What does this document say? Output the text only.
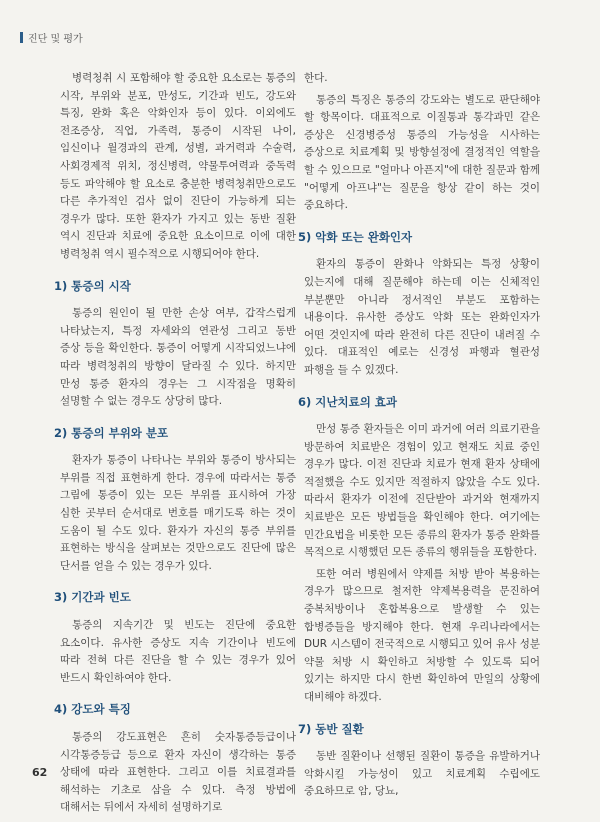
진단 및 평가

병력청취 시 포함해야 할 중요한 요소로는 통증의 시작, 부위와 분포, 만성도, 기간과 빈도, 강도와 특징, 완화 혹은 악화인자 등이 있다. 이외에도 전조증상, 직업, 가족력, 통증이 시작된 나이, 임신이나 월경과의 관계, 성별, 과거력과 수술력, 사회경제적 위치, 정신병력, 약물투여력과 중독력 등도 파악해야 할 요소로 충분한 병력청취만으로도 다른 추가적인 검사 없이 진단이 가능하게 되는 경우가 많다. 또한 환자가 가지고 있는 동반 질환 역시 진단과 치료에 중요한 요소이므로 이에 대한 병력청취 역시 필수적으로 시행되어야 한다.

1) 통증의 시작

통증의 원인이 될 만한 손상 여부, 갑작스럽게 나타났는지, 특정 자세와의 연관성 그리고 동반 증상 등을 확인한다. 통증이 어떻게 시작되었느냐에 따라 병력청취의 방향이 달라질 수 있다. 하지만 만성 통증 환자의 경우는 그 시작점을 명확히 설명할 수 없는 경우도 상당히 많다.

2) 통증의 부위와 분포

환자가 통증이 나타나는 부위와 통증이 방사되는 부위를 직접 표현하게 한다. 경우에 따라서는 통증 그림에 통증이 있는 모든 부위를 표시하여 가장 심한 곳부터 순서대로 번호를 매기도록 하는 것이 도움이 될 수도 있다. 환자가 자신의 통증 부위를 표현하는 방식을 살펴보는 것만으로도 진단에 많은 단서를 얻을 수 있는 경우가 있다.

3) 기간과 빈도

통증의 지속기간 및 빈도는 진단에 중요한 요소이다. 유사한 증상도 지속 기간이나 빈도에 따라 전혀 다른 진단을 할 수 있는 경우가 있어 반드시 확인하여야 한다.

4) 강도와 특징

통증의 강도표현은 흔히 숫자통증등급이나 시각통증등급 등으로 환자 자신이 생각하는 통증 상태에 따라 표현한다. 그리고 이를 치료결과를 해석하는 기초로 삼을 수 있다. 측정 방법에 대해서는 뒤에서 자세히 설명하기로

한다.

통증의 특징은 통증의 강도와는 별도로 판단해야 할 항목이다. 대표적으로 이질통과 통각과민 같은 증상은 신경병증성 통증의 가능성을 시사하는 증상으로 치료계획 및 방향설정에 결정적인 역할을 할 수 있으므로 "얼마나 아픈지"에 대한 질문과 함께 "어떻게 아프냐"는 질문을 항상 같이 하는 것이 중요하다.

5) 악화 또는 완화인자

환자의 통증이 완화나 악화되는 특정 상황이 있는지에 대해 질문해야 하는데 이는 신체적인 부분뿐만 아니라 정서적인 부분도 포함하는 내용이다. 유사한 증상도 악화 또는 완화인자가 어떤 것인지에 따라 완전히 다른 진단이 내려질 수 있다. 대표적인 예로는 신경성 파행과 혈관성 파행을 들 수 있겠다.

6) 지난치료의 효과

만성 통증 환자들은 이미 과거에 여러 의료기관을 방문하여 치료받은 경험이 있고 현재도 치료 중인 경우가 많다. 이전 진단과 치료가 현재 환자 상태에 적절했을 수도 있지만 적절하지 않았을 수도 있다. 따라서 환자가 이전에 진단받아 과거와 현재까지 치료받은 모든 방법들을 확인해야 한다. 여기에는 민간요법을 비롯한 모든 종류의 환자가 통증 완화를 목적으로 시행했던 모든 종류의 행위들을 포함한다.

또한 여러 병원에서 약제를 처방 받아 복용하는 경우가 많으므로 철저한 약제복용력을 문진하여 중복처방이나 혼합복용으로 발생할 수 있는 합병증들을 방지해야 한다. 현재 우리나라에서는 DUR 시스템이 전국적으로 시행되고 있어 유사 성분 약물 처방 시 확인하고 처방할 수 있도록 되어 있기는 하지만 다시 한번 확인하여 만일의 상황에 대비해야 하겠다.

7) 동반 질환

동반 질환이나 선행된 질환이 통증을 유발하거나 악화시킬 가능성이 있고 치료계획 수립에도 중요하므로 암, 당뇨,

62
